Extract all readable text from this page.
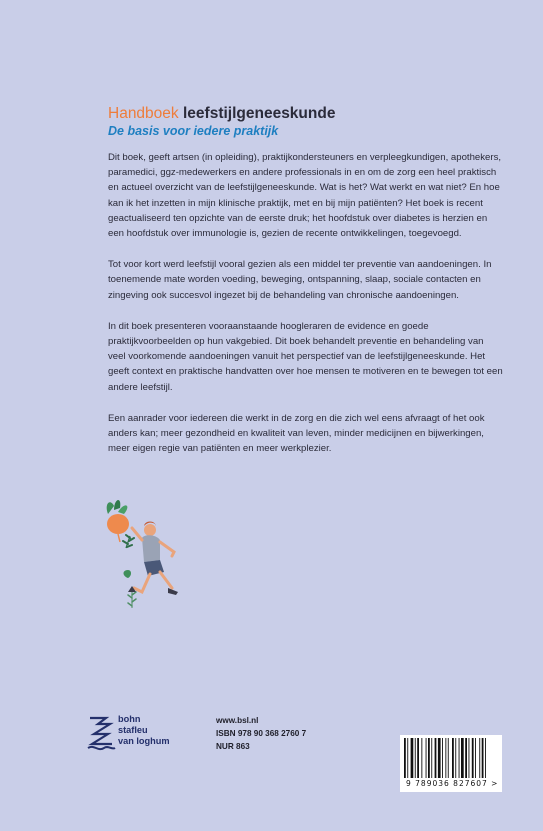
Handboek leefstijlgeneeskunde
De basis voor iedere praktijk

Dit boek, geeft artsen (in opleiding), praktijkondersteuners en verpleegkundigen, apothekers, paramedici, ggz-medewerkers en andere professionals in en om de zorg een heel praktisch en actueel overzicht van de leefstijlgeneeskunde. Wat is het? Wat werkt en wat niet? En hoe kan ik het inzetten in mijn klinische praktijk, met en bij mijn patiënten? Het boek is recent geactualiseerd ten opzichte van de eerste druk; het hoofdstuk over diabetes is herzien en een hoofdstuk over immunologie is, gezien de recente ontwikkelingen, toegevoegd.

Tot voor kort werd leefstijl vooral gezien als een middel ter preventie van aandoeningen. In toenemende mate worden voeding, beweging, ontspanning, slaap, sociale contacten en zingeving ook succesvol ingezet bij de behandeling van chronische aandoeningen.

In dit boek presenteren vooraanstaande hoogleraren de evidence en goede praktijkvoorbeelden op hun vakgebied. Dit boek behandelt preventie en behandeling van veel voorkomende aandoeningen vanuit het perspectief van de leefstijlgeneeskunde. Het geeft context en praktische handvatten over hoe mensen te motiveren en te bewegen tot een andere leefstijl.

Een aanrader voor iedereen die werkt in de zorg en die zich wel eens afvraagt of het ook anders kan; meer gezondheid en kwaliteit van leven, minder medicijnen en bijwerkingen, meer eigen regie van patiënten en meer werkplezier.

bohn
stafleu
van loghum
www.bsl.nl
ISBN 978 90 368 2760 7
NUR 863
9 789036 827607 >
